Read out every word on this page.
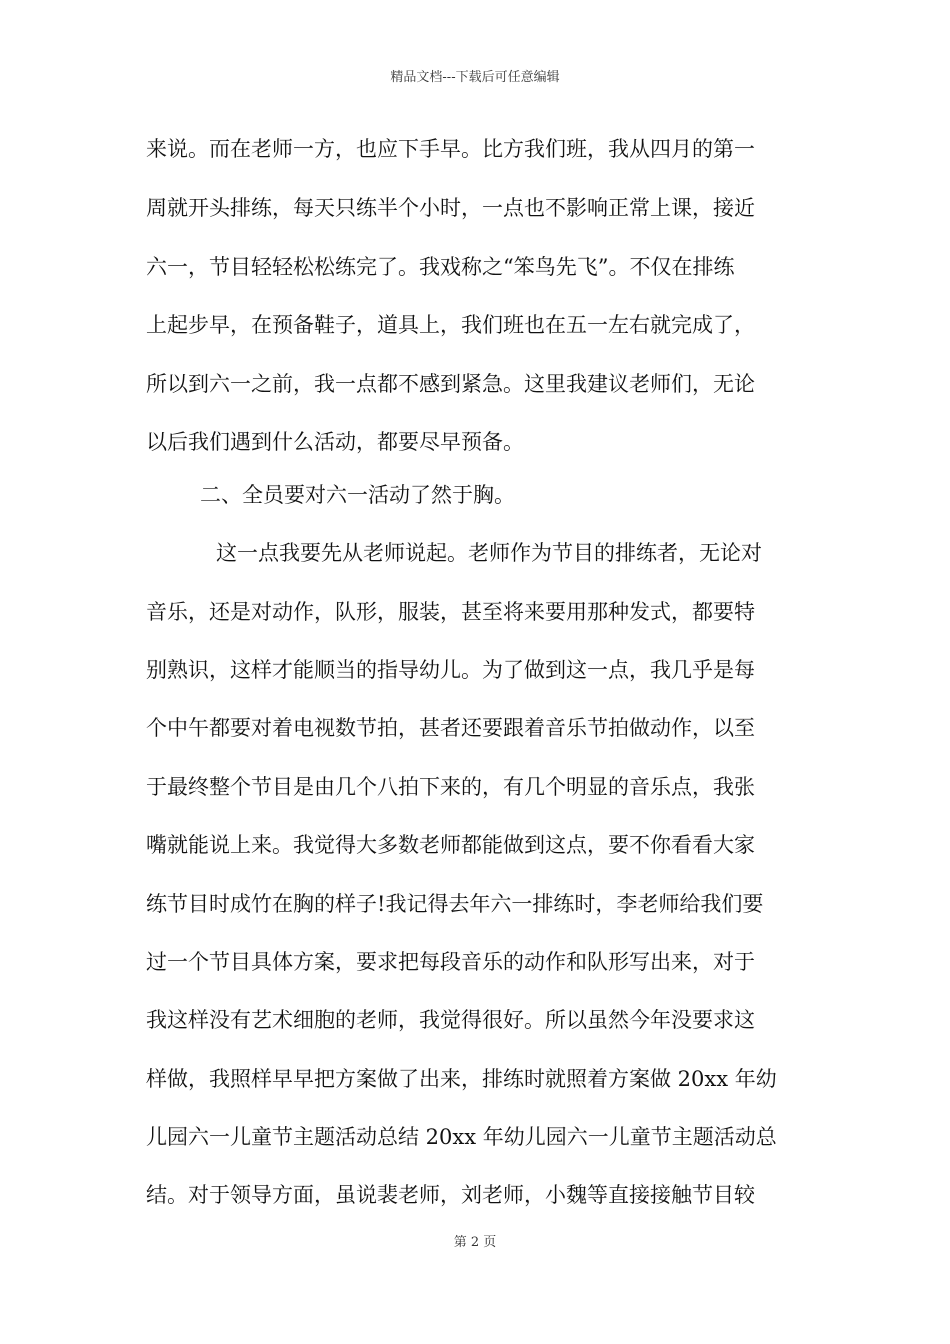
精品文档---下载后可任意编辑
来说。而在老师一方，也应下手早。比方我们班，我从四月的第一
周就开头排练，每天只练半个小时，一点也不影响正常上课，接近
六一，节目轻轻松松练完了。我戏称之“笨鸟先飞”。不仅在排练
上起步早，在预备鞋子，道具上，我们班也在五一左右就完成了，
所以到六一之前，我一点都不感到紧急。这里我建议老师们，无论
以后我们遇到什么活动，都要尽早预备。
二、全员要对六一活动了然于胸。
这一点我要先从老师说起。老师作为节目的排练者，无论对
音乐，还是对动作，队形，服装，甚至将来要用那种发式，都要特
别熟识，这样才能顺当的指导幼儿。为了做到这一点，我几乎是每
个中午都要对着电视数节拍，甚者还要跟着音乐节拍做动作，以至
于最终整个节目是由几个八拍下来的，有几个明显的音乐点，我张
嘴就能说上来。我觉得大多数老师都能做到这点，要不你看看大家
练节目时成竹在胸的样子!我记得去年六一排练时，李老师给我们要
过一个节目具体方案，要求把每段音乐的动作和队形写出来，对于
我这样没有艺术细胞的老师，我觉得很好。所以虽然今年没要求这
样做，我照样早早把方案做了出来，排练时就照着方案做 20xx 年幼
儿园六一儿童节主题活动总结 20xx 年幼儿园六一儿童节主题活动总
结。对于领导方面，虽说裴老师，刘老师，小魏等直接接触节目较
第 2 页
